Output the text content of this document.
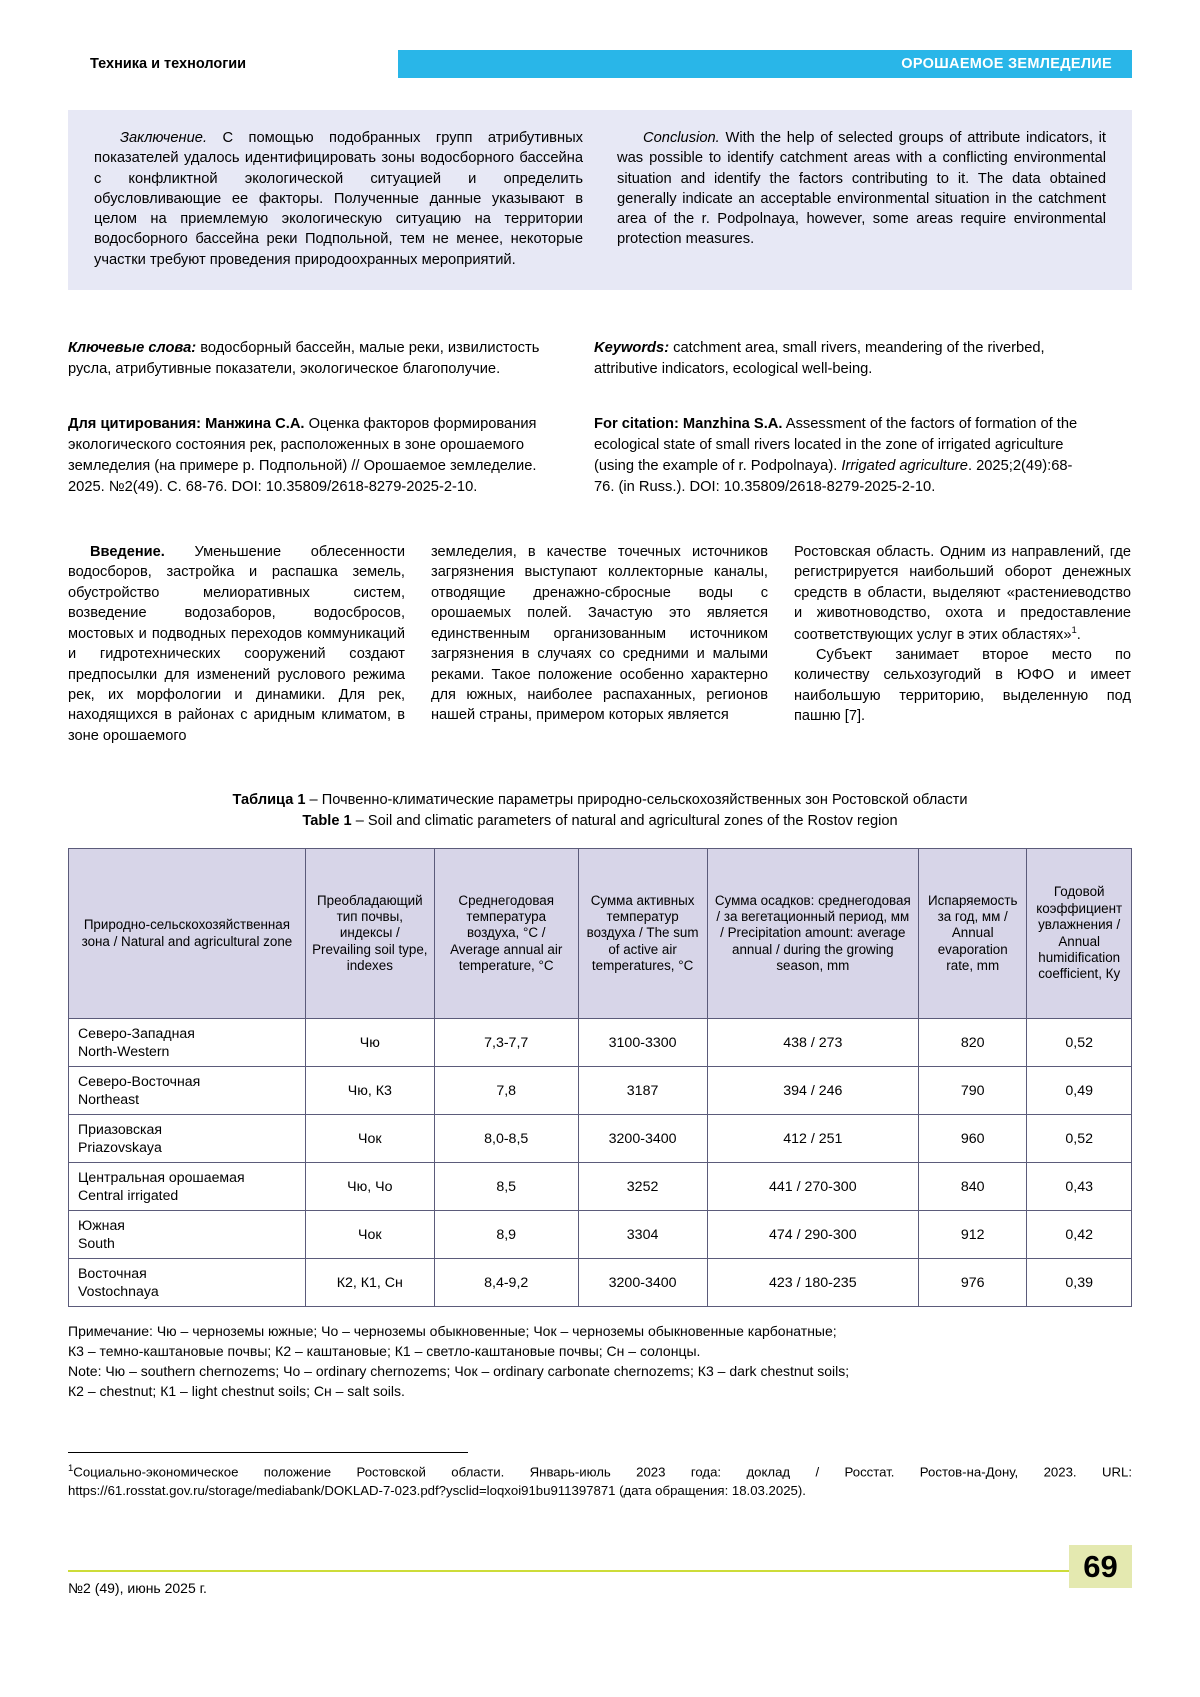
Техника и технологии	ОРОШАЕМОЕ ЗЕМЛЕДЕЛИЕ

Заключение. С помощью подобранных групп атрибутивных показателей удалось идентифицировать зоны водосборного бассейна с конфликтной экологической ситуацией и определить обусловливающие ее факторы. Полученные данные указывают в целом на приемлемую экологическую ситуацию на территории водосборного бассейна реки Подпольной, тем не менее, некоторые участки требуют проведения природоохранных мероприятий.

Conclusion. With the help of selected groups of attribute indicators, it was possible to identify catchment areas with a conflicting environmental situation and identify the factors contributing to it. The data obtained generally indicate an acceptable environmental situation in the catchment area of the r. Podpolnaya, however, some areas require environmental protection measures.

Ключевые слова: водосборный бассейн, малые реки, извилистость русла, атрибутивные показатели, экологическое благополучие.
Keywords: catchment area, small rivers, meandering of the riverbed, attributive indicators, ecological well-being.
Для цитирования: Манжина С.А. Оценка факторов формирования экологического состояния рек, расположенных в зоне орошаемого земледелия (на примере р. Подпольной) // Орошаемое земледелие. 2025. №2(49). С. 68-76. DOI: 10.35809/2618-8279-2025-2-10.
For citation: Manzhina S.A. Assessment of the factors of formation of the ecological state of small rivers located in the zone of irrigated agriculture (using the example of r. Podpolnaya). Irrigated agriculture. 2025;2(49):68-76. (in Russ.). DOI: 10.35809/2618-8279-2025-2-10.

Введение. Уменьшение облесенности водосборов, застройка и распашка земель, обустройство мелиоративных систем, возведение водозаборов, водосбросов, мостовых и подводных переходов коммуникаций и гидротехнических сооружений создают предпосылки для изменений руслового режима рек, их морфологии и динамики. Для рек, находящихся в районах с аридным климатом, в зоне орошаемого

земледелия, в качестве точечных источников загрязнения выступают коллекторные каналы, отводящие дренажно-сбросные воды с орошаемых полей. Зачастую это является единственным организованным источником загрязнения в случаях со средними и малыми реками. Такое положение особенно характерно для южных, наиболее распаханных, регионов нашей страны, примером которых является

Ростовская область. Одним из направлений, где регистрируется наибольший оборот денежных средств в области, выделяют «растениеводство и животноводство, охота и предоставление соответствующих услуг в этих областях»$^1$.

Субъект занимает второе место по количеству сельхозугодий в ЮФО и имеет наибольшую территорию, выделенную под пашню [7].

Таблица 1 – Почвенно-климатические параметры природно-сельскохозяйственных зон Ростовской области
Table 1 – Soil and climatic parameters of natural and agricultural zones of the Rostov region
Природно-сельскохозяйственная зона / Natural and agricultural zone	Преобладающий тип почвы, индексы / Prevailing soil type, indexes	Среднегодовая температура воздуха, °С / Average annual air temperature, °С	Сумма активных температур воздуха / The sum of active air temperatures, °С	Сумма осадков: среднегодовая / за вегетационный период, мм / Precipitation amount: average annual / during the growing season, mm	Испаряемость за год, мм / Annual evaporation rate, mm	Годовой коэффициент увлажнения / Annual humidification coefficient, Ку
Северо-Западная
North-Western	Чю	7,3-7,7	3100-3300	438 / 273	820	0,52
Северо-Восточная
Northeast	Чю, К3	7,8	3187	394 / 246	790	0,49
Приазовская
Priazovskaya	Чок	8,0-8,5	3200-3400	412 / 251	960	0,52
Центральная орошаемая
Central irrigated	Чю, Чо	8,5	3252	441 / 270-300	840	0,43
Южная
South	Чок	8,9	3304	474 / 290-300	912	0,42
Восточная
Vostochnaya	К2, К1, Сн	8,4-9,2	3200-3400	423 / 180-235	976	0,39
Примечание: Чю – черноземы южные; Чо – черноземы обыкновенные; Чок – черноземы обыкновенные карбонатные;
К3 – темно-каштановые почвы; К2 – каштановые; К1 – светло-каштановые почвы; Сн – солонцы.
Note: Чю – southern chernozems; Чо – ordinary chernozems; Чок – ordinary carbonate chernozems; К3 – dark chestnut soils;
К2 – chestnut; К1 – light chestnut soils; Сн – salt soils.
$^1$Социально-экономическое положение Ростовской области. Январь-июль 2023 года: доклад / Росстат. Ростов-на-Дону, 2023. URL: https://61.rosstat.gov.ru/storage/mediabank/DOKLAD-7-023.pdf?ysclid=loqxoi91bu911397871 (дата обращения: 18.03.2025).
№2 (49), июнь 2025 г.
69
